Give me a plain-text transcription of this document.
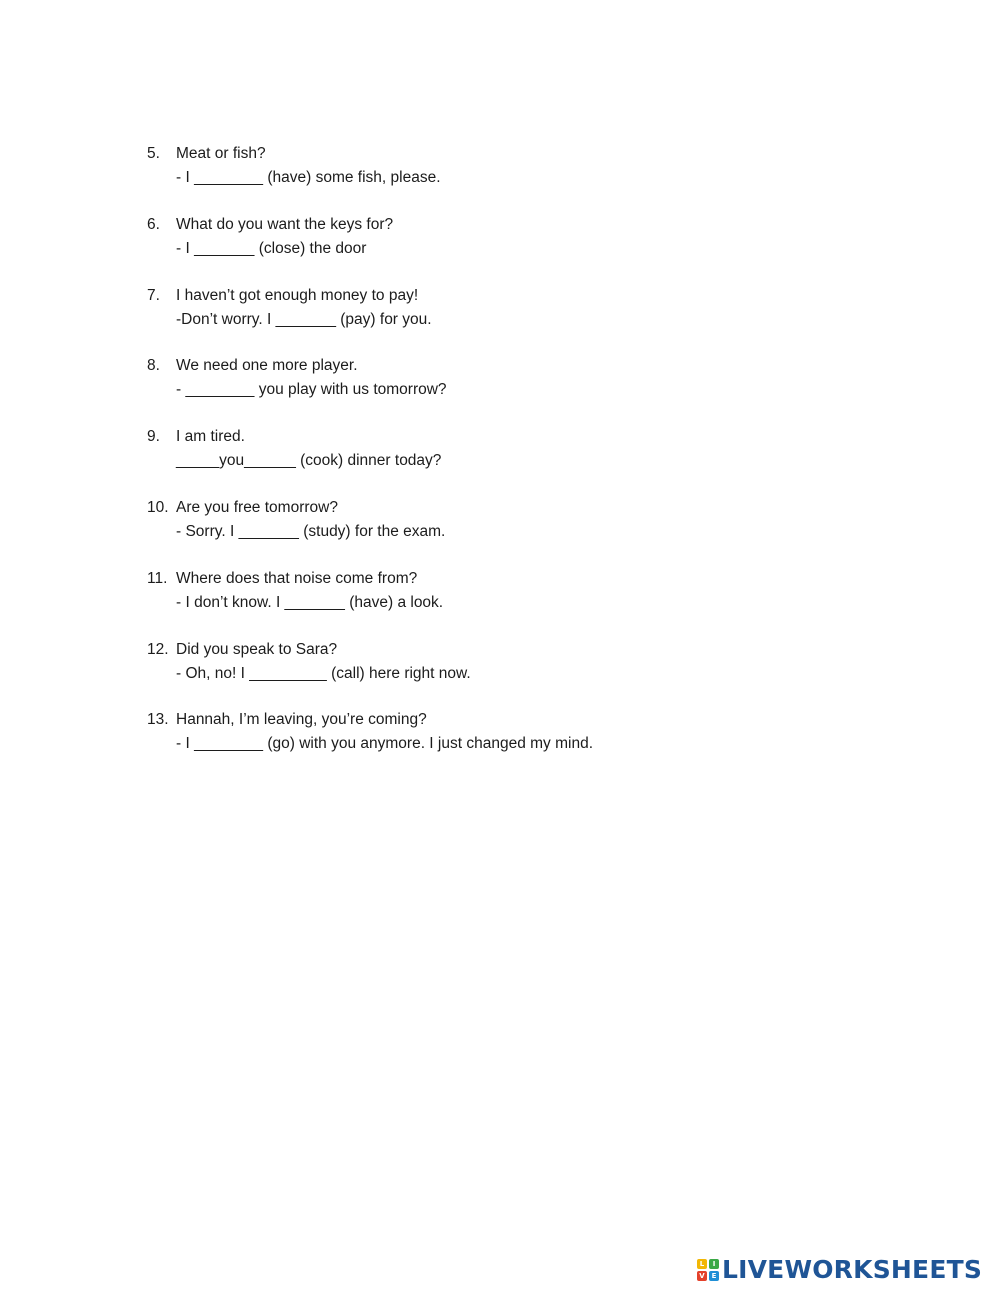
5. Meat or fish?
- I ________ (have) some fish, please.
6. What do you want the keys for?
- I _______ (close) the door
7. I haven’t got enough money to pay!
-Don’t worry. I _______ (pay) for you.
8. We need one more player.
- ________ you play with us tomorrow?
9. I am tired.
_____you______ (cook) dinner today?
10. Are you free tomorrow?
- Sorry. I _______ (study) for the exam.
11. Where does that noise come from?
- I don’t know. I _______ (have) a look.
12. Did you speak to Sara?
- Oh, no! I _________ (call) here right now.
13. Hannah, I’m leaving, you’re coming?
- I ________ (go) with you anymore. I just changed my mind.
L	I
V E LIVEWORKSHEETS
